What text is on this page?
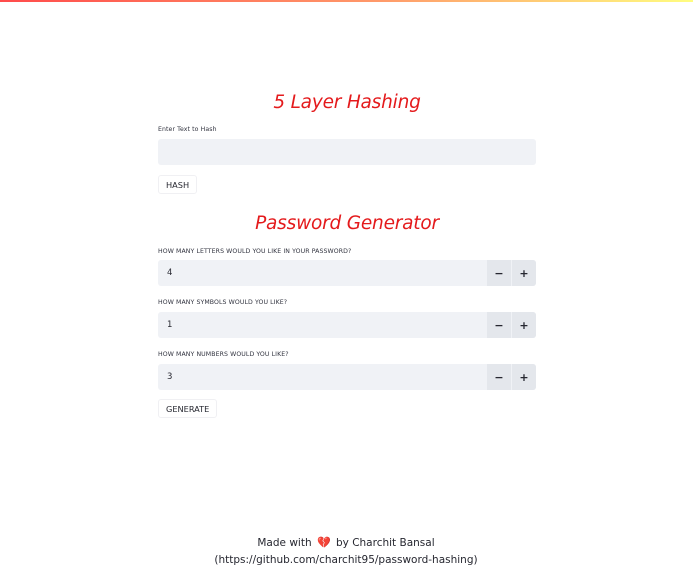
5 Layer Hashing
Enter Text to Hash
HASH
Password Generator
HOW MANY LETTERS WOULD YOU LIKE IN YOUR PASSWORD?
4	−	+
HOW MANY SYMBOLS WOULD YOU LIKE?
1	−	+
HOW MANY NUMBERS WOULD YOU LIKE?
3	−	+
GENERATE
Made with 💔 by Charchit Bansal (https://github.com/charchit95/password-hashing)
